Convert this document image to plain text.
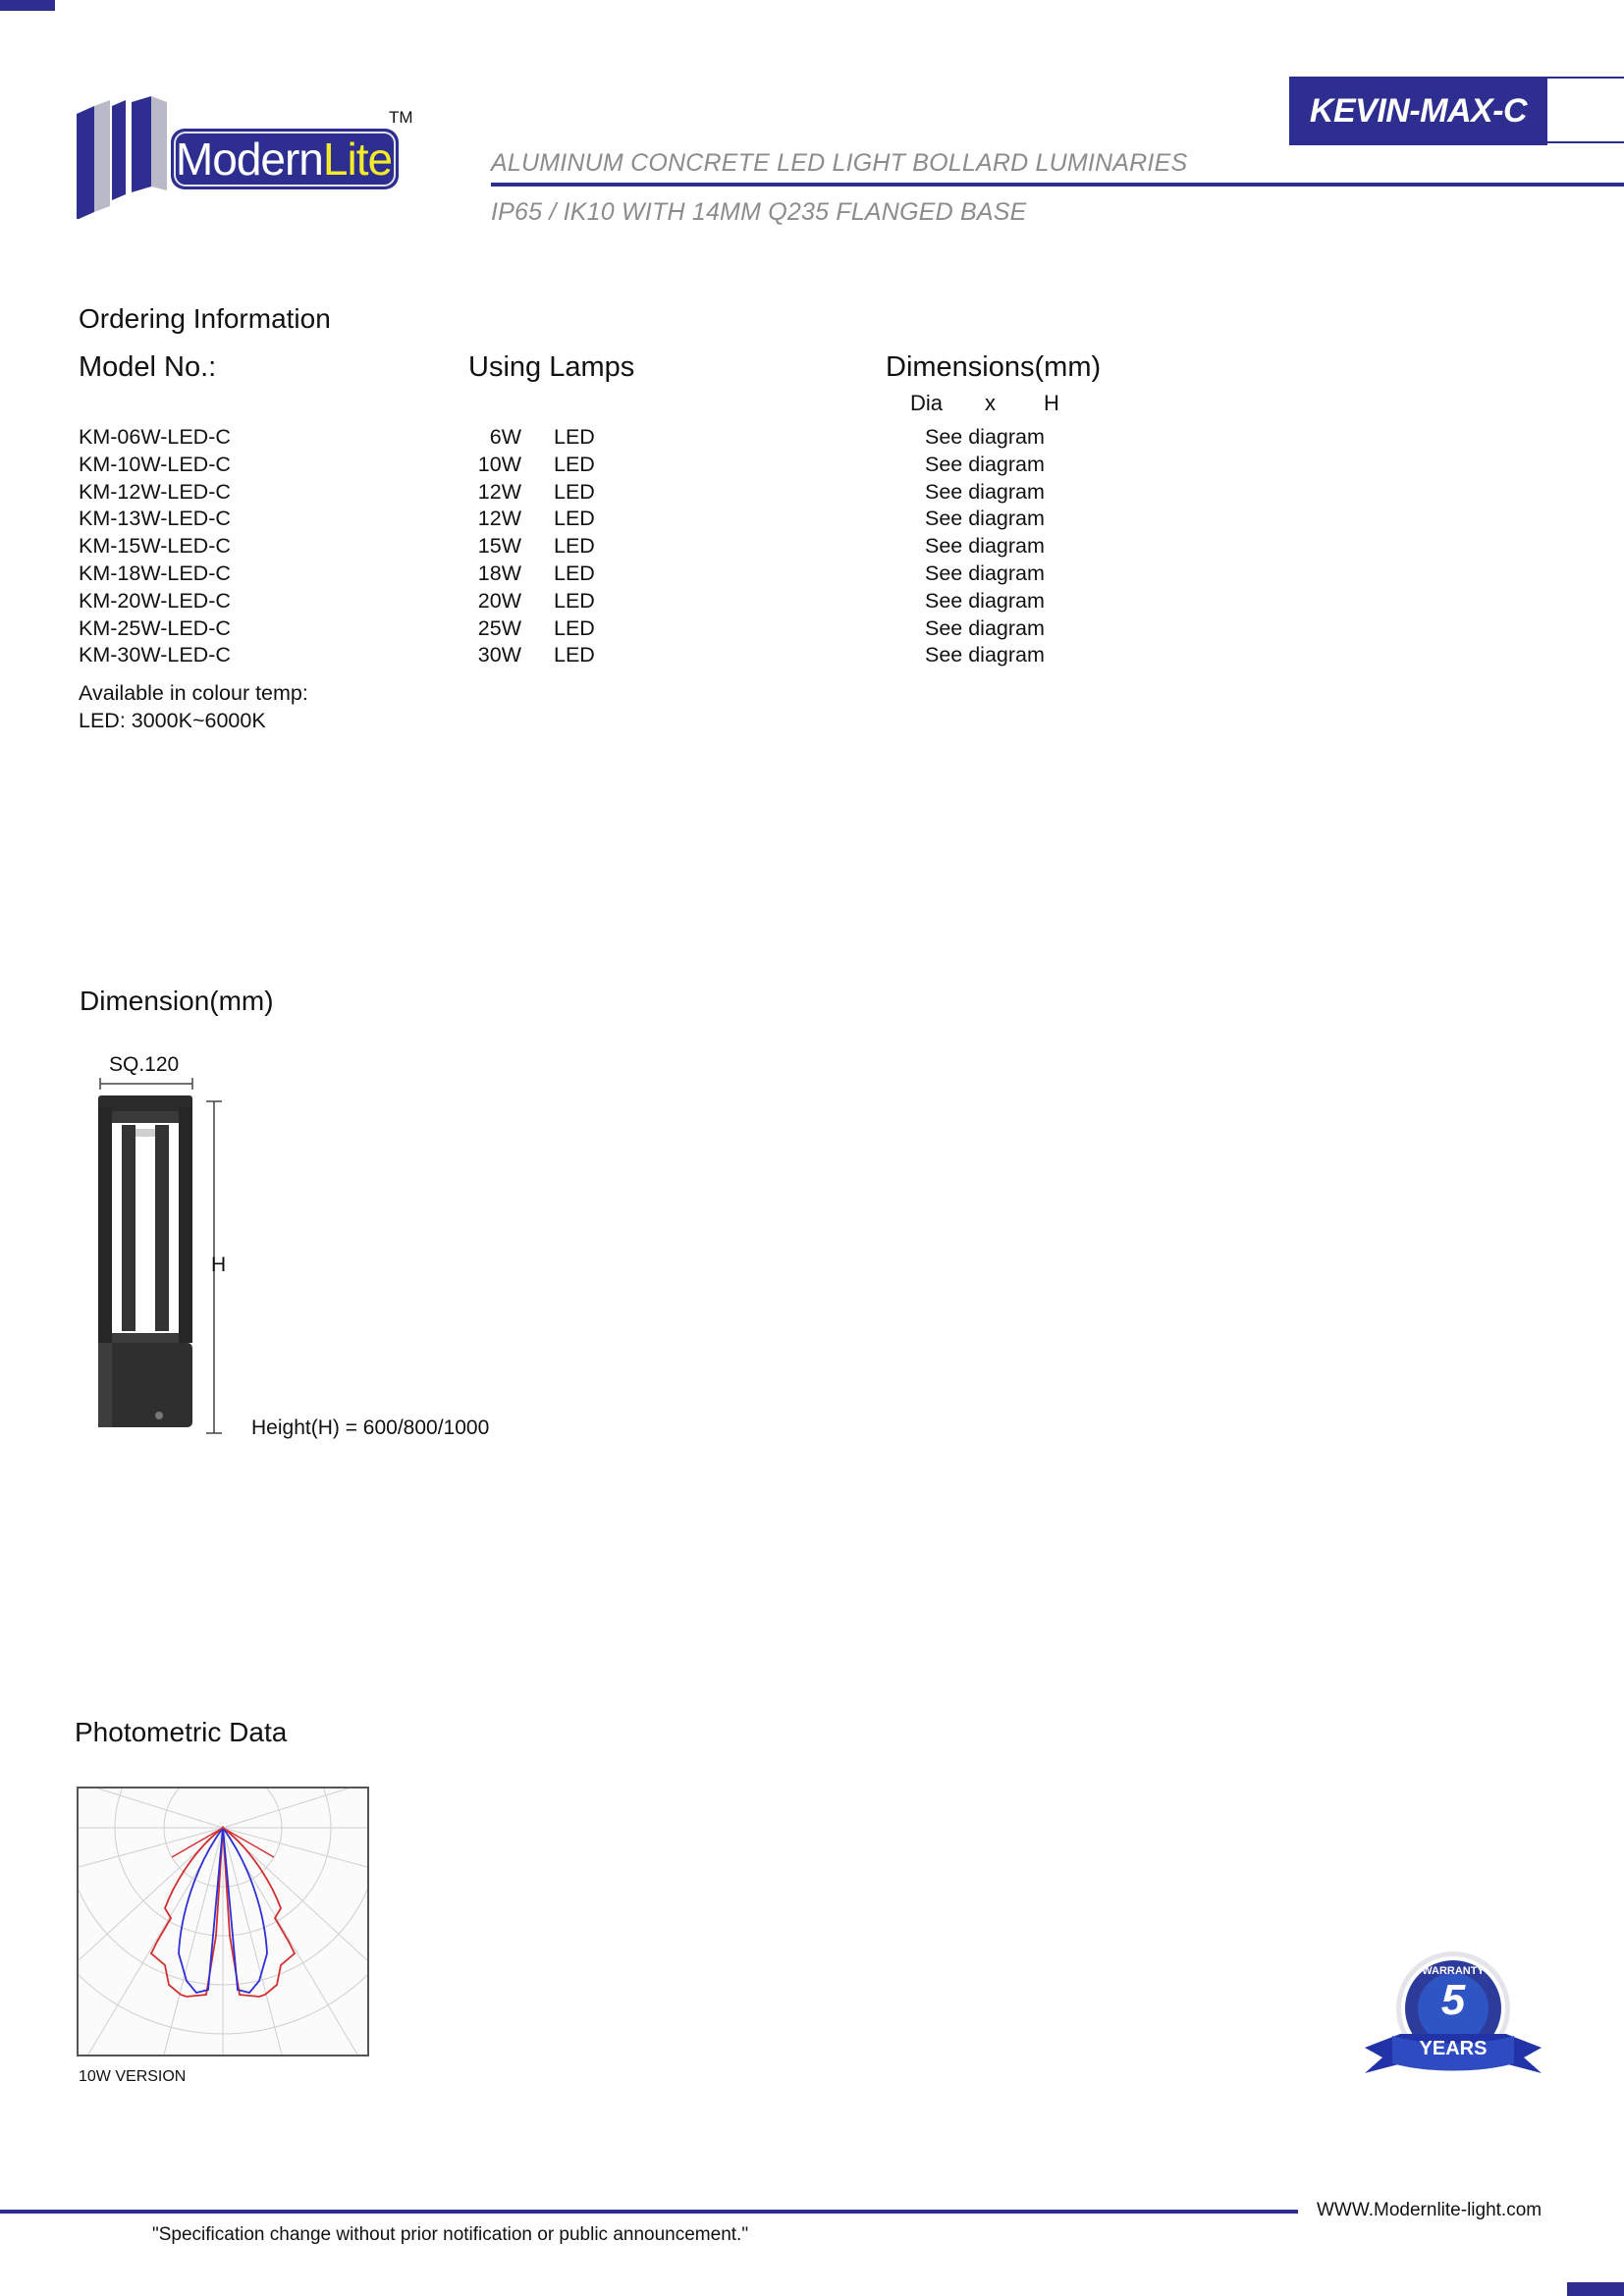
ModernLite
TM	KEVIN-MAX-C
ALUMINUM CONCRETE LED LIGHT BOLLARD LUMINARIES
IP65 / IK10 WITH 14MM Q235 FLANGED BASE
Ordering Information
Model No.:	Using Lamps	Dimensions(mm)
Dia x H
KM-06W-LED-C	6W LED	See diagram
KM-10W-LED-C	10W LED	See diagram
KM-12W-LED-C	12W LED	See diagram
KM-13W-LED-C	12W LED	See diagram
KM-15W-LED-C	15W LED	See diagram
KM-18W-LED-C	18W LED	See diagram
KM-20W-LED-C	20W LED	See diagram
KM-25W-LED-C	25W LED	See diagram
KM-30W-LED-C	30W LED	See diagram
Available in colour temp:
LED: 3000K~6000K
Dimension(mm)
SQ.120
H
Height(H) = 600/800/1000
Photometric Data
10W VERSION
WARRANTY
5
YEARS
WWW.Modernlite-light.com
"Specification change without prior notification or public announcement."
